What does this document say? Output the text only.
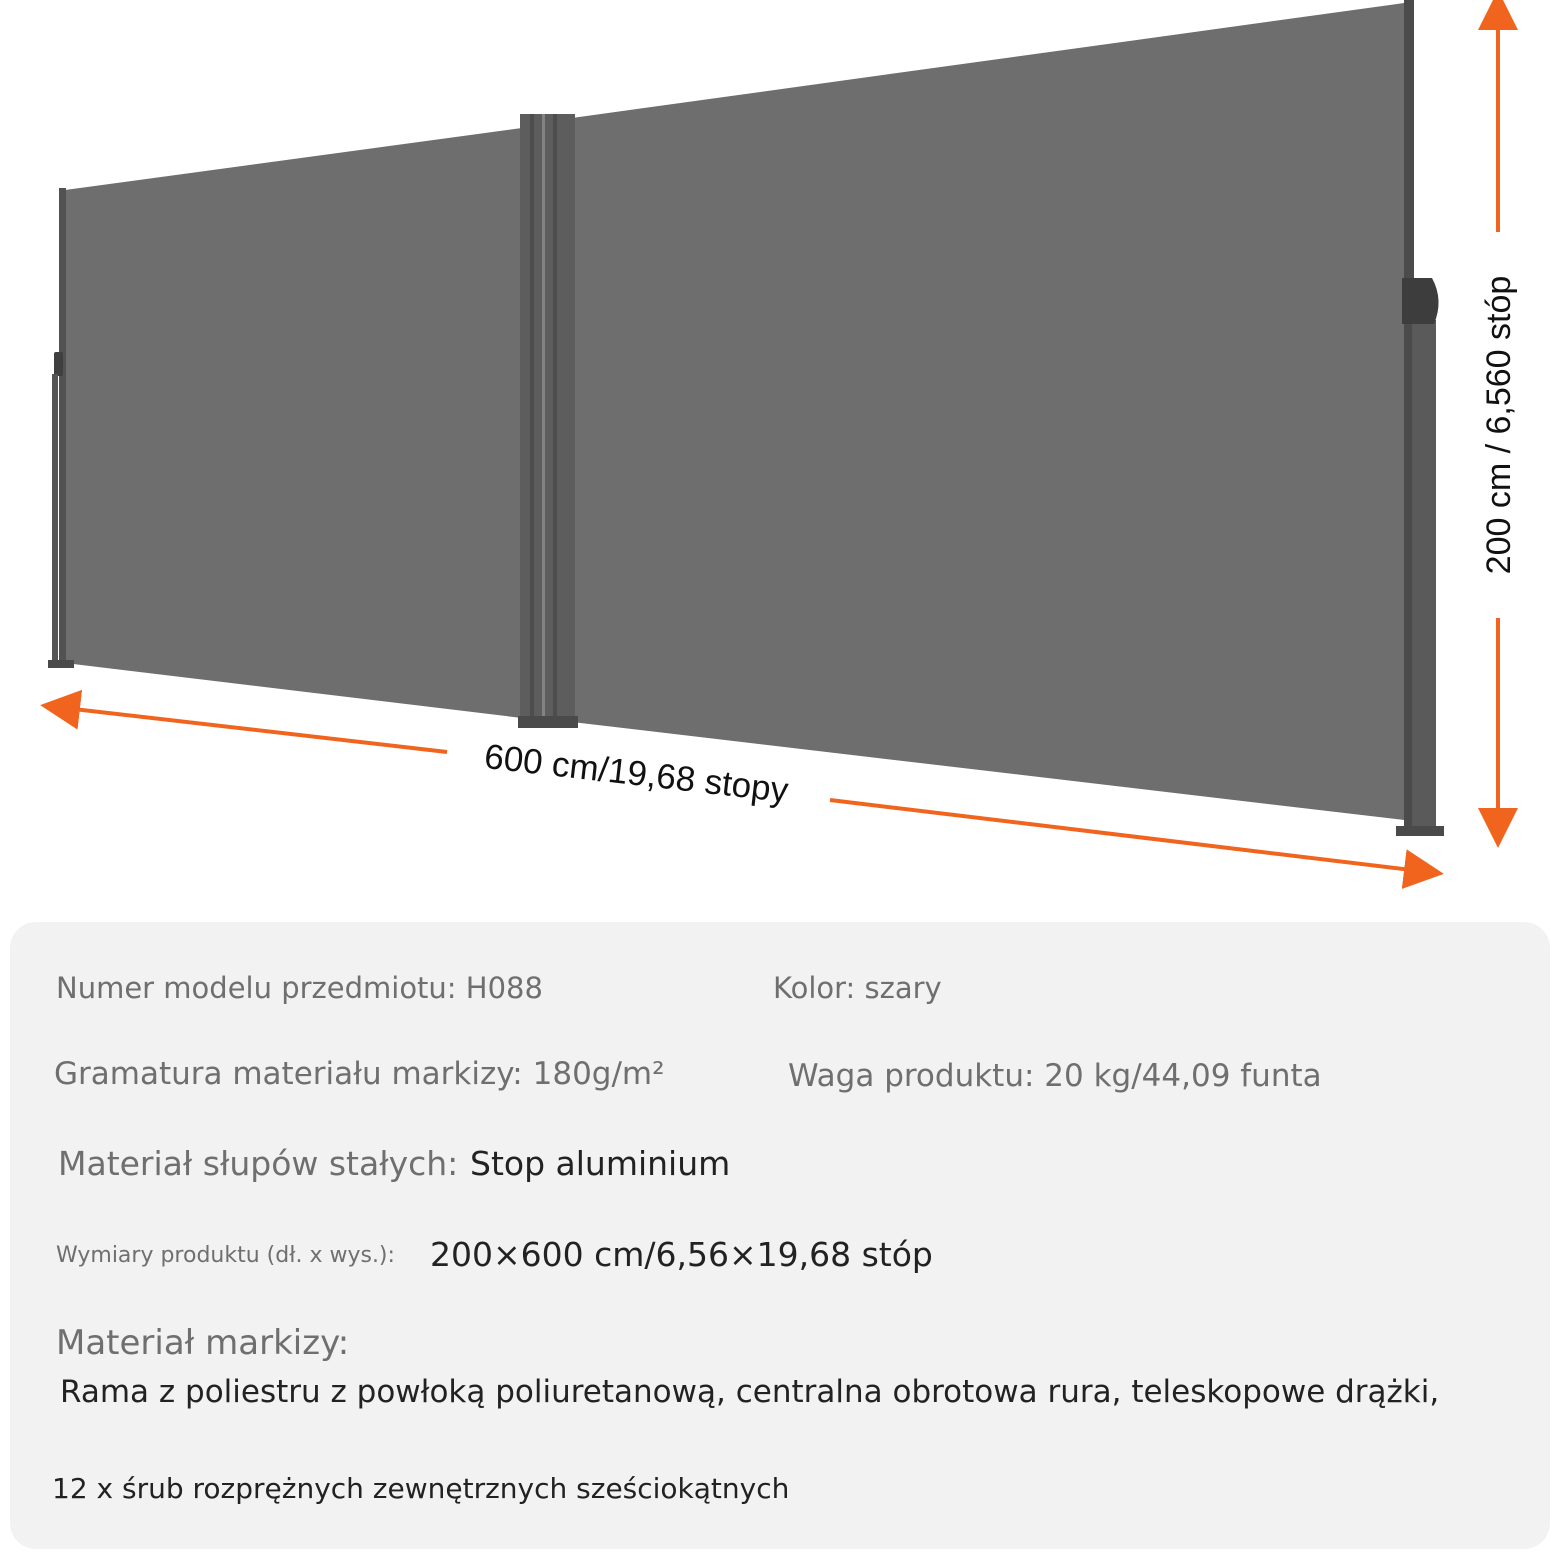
600 cm/19,68 stopy
200 cm / 6,560 stóp
Numer modelu przedmiotu: H088	Kolor: szary
Gramatura materiału markizy: 180g/m²	Waga produktu: 20 kg/44,09 funta
Materiał słupów stałych: Stop aluminium
Wymiary produktu (dł. x wys.): 200×600 cm/6,56×19,68 stóp
Materiał markizy:
Rama z poliestru z powłoką poliuretanową, centralna obrotowa rura, teleskopowe drążki,
12 x śrub rozprężnych zewnętrznych sześciokątnych
